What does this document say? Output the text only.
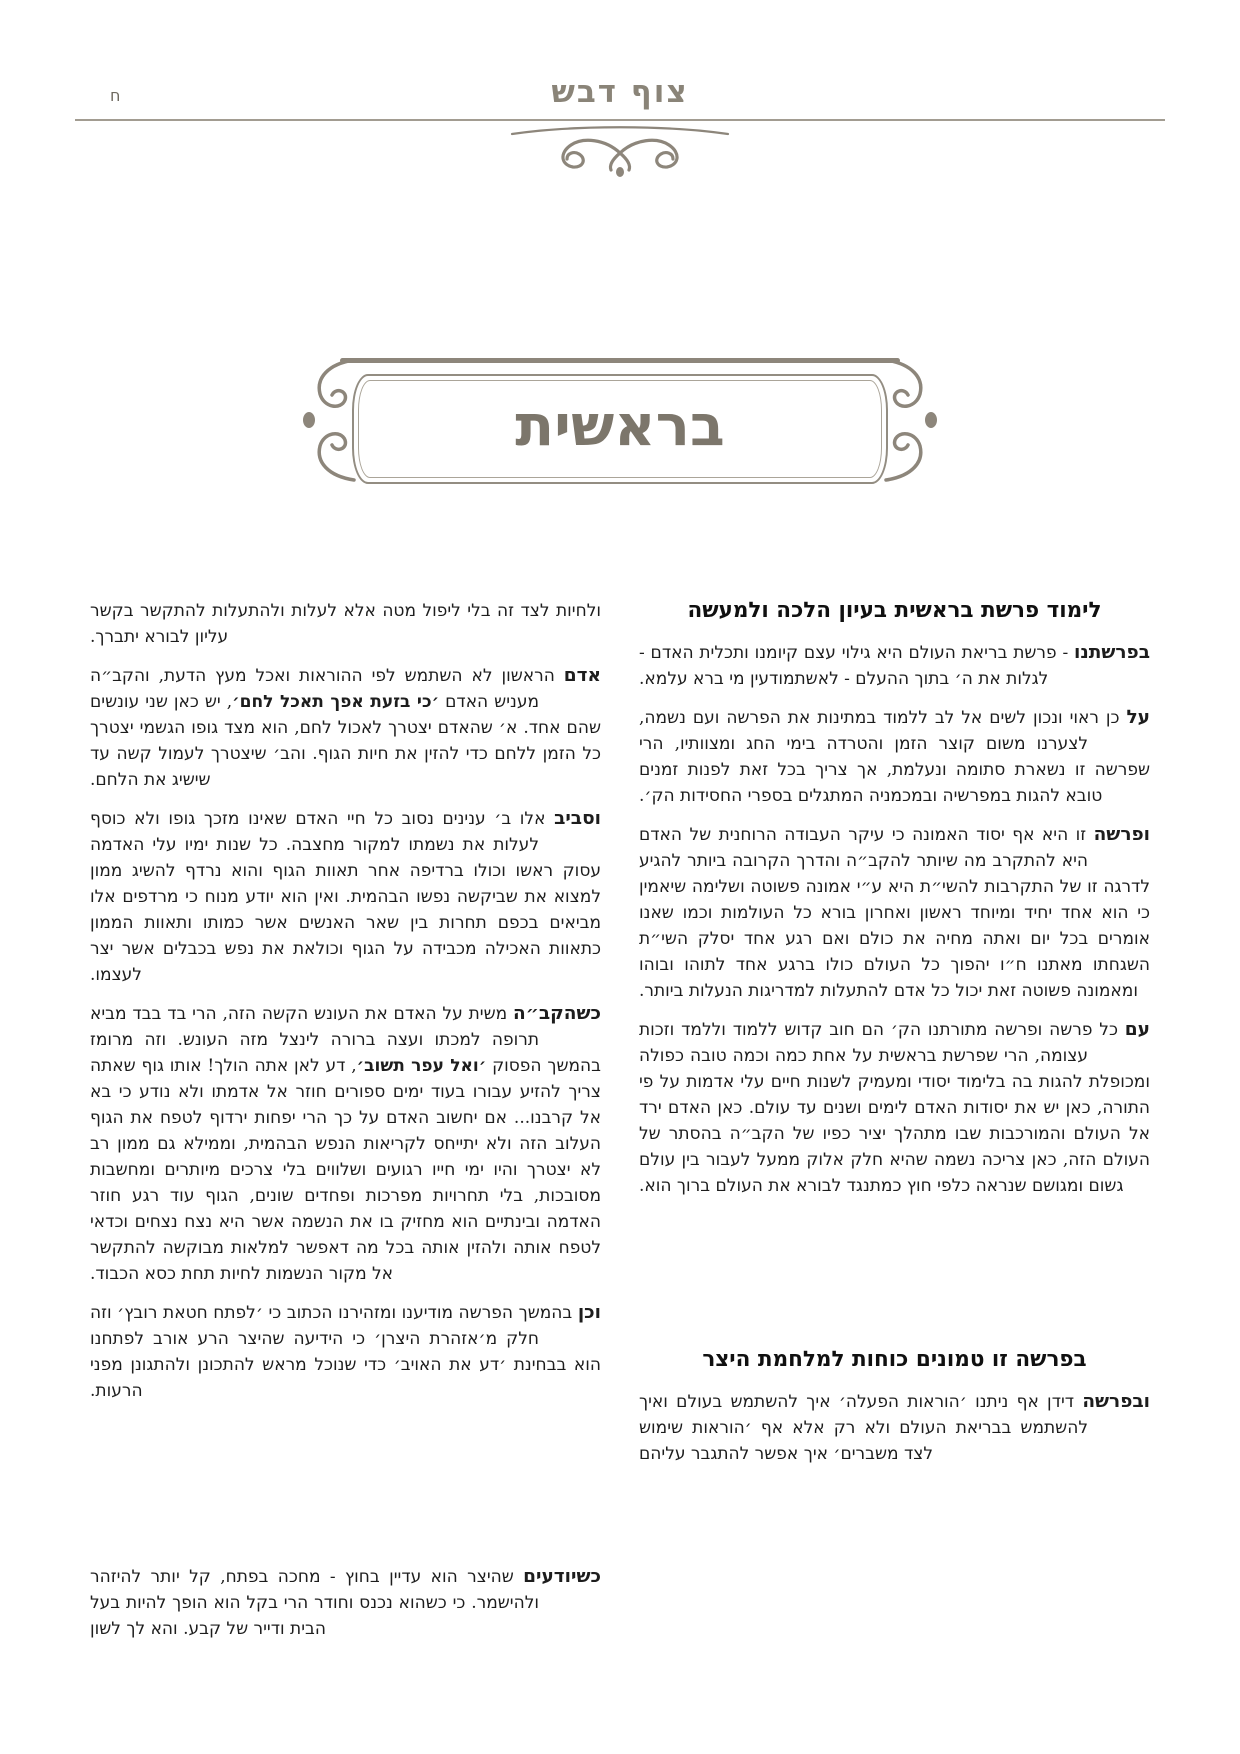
ח	צוף דבש
בראשית
לימוד פרשת בראשית בעיון הלכה ולמעשה

בפרשתנו - פרשת בריאת העולם היא גילוי עצם קיומנו ותכלית האדם - לגלות את ה׳ בתוך ההעלם - לאשתמודעין מי ברא עלמא.

על כן ראוי ונכון לשים אל לב ללמוד במתינות את הפרשה ועם נשמה, לצערנו משום קוצר הזמן והטרדה בימי החג ומצוותיו, הרי שפרשה זו נשארת סתומה ונעלמת, אך צריך בכל זאת לפנות זמנים טובא להגות במפרשיה ובמכמניה המתגלים בספרי החסידות הק׳.

ופרשה זו היא אף יסוד האמונה כי עיקר העבודה הרוחנית של האדם היא להתקרב מה שיותר להקב״ה והדרך הקרובה ביותר להגיע לדרגה זו של התקרבות להשי״ת היא ע״י אמונה פשוטה ושלימה שיאמין כי הוא אחד יחיד ומיוחד ראשון ואחרון בורא כל העולמות וכמו שאנו אומרים בכל יום ואתה מחיה את כולם ואם רגע אחד יסלק השי״ת השגחתו מאתנו ח״ו יהפוך כל העולם כולו ברגע אחד לתוהו ובוהו ומאמונה פשוטה זאת יכול כל אדם להתעלות למדריגות הנעלות ביותר.

עם כל פרשה ופרשה מתורתנו הק׳ הם חוב קדוש ללמוד וללמד וזכות עצומה, הרי שפרשת בראשית על אחת כמה וכמה טובה כפולה ומכופלת להגות בה בלימוד יסודי ומעמיק לשנות חיים עלי אדמות על פי התורה, כאן יש את יסודות האדם לימים ושנים עד עולם. כאן האדם ירד אל העולם והמורכבות שבו מתהלך יציר כפיו של הקב״ה בהסתר של העולם הזה, כאן צריכה נשמה שהיא חלק אלוק ממעל לעבור בין עולם גשום ומגושם שנראה כלפי חוץ כמתנגד לבורא את העולם ברוך הוא.

בפרשה זו טמונים כוחות למלחמת היצר

ובפרשה דידן אף ניתנו ׳הוראות הפעלה׳ איך להשתמש בעולם ואיך להשתמש בבריאת העולם ולא רק אלא אף ׳הוראות שימוש לצד משברים׳ איך אפשר להתגבר עליהם

ולחיות לצד זה בלי ליפול מטה אלא לעלות ולהתעלות להתקשר בקשר עליון לבורא יתברך.

אדם הראשון לא השתמש לפי ההוראות ואכל מעץ הדעת, והקב״ה מעניש האדם ׳כי בזעת אפך תאכל לחם׳, יש כאן שני עונשים שהם אחד. א׳ שהאדם יצטרך לאכול לחם, הוא מצד גופו הגשמי יצטרך כל הזמן ללחם כדי להזין את חיות הגוף. והב׳ שיצטרך לעמול קשה עד שישיג את הלחם.

וסביב אלו ב׳ ענינים נסוב כל חיי האדם שאינו מזכך גופו ולא כוסף לעלות את נשמתו למקור מחצבה. כל שנות ימיו עלי האדמה עסוק ראשו וכולו ברדיפה אחר תאוות הגוף והוא נרדף להשיג ממון למצוא את שביקשה נפשו הבהמית. ואין הוא יודע מנוח כי מרדפים אלו מביאים בכפם תחרות בין שאר האנשים אשר כמותו ותאוות הממון כתאוות האכילה מכבידה על הגוף וכולאת את נפש בכבלים אשר יצר לעצמו.

כשהקב״ה משית על האדם את העונש הקשה הזה, הרי בד בבד מביא תרופה למכתו ועצה ברורה לינצל מזה העונש. וזה מרומז בהמשך הפסוק ׳ואל עפר תשוב׳, דע לאן אתה הולך! אותו גוף שאתה צריך להזיע עבורו בעוד ימים ספורים חוזר אל אדמתו ולא נודע כי בא אל קרבנו... אם יחשוב האדם על כך הרי יפחות ירדוף לטפח את הגוף העלוב הזה ולא יתייחס לקריאות הנפש הבהמית, וממילא גם ממון רב לא יצטרך והיו ימי חייו רגועים ושלווים בלי צרכים מיותרים ומחשבות מסובכות, בלי תחרויות מפרכות ופחדים שונים, הגוף עוד רגע חוזר האדמה ובינתיים הוא מחזיק בו את הנשמה אשר היא נצח נצחים וכדאי לטפח אותה ולהזין אותה בכל מה דאפשר למלאות מבוקשה להתקשר אל מקור הנשמות לחיות תחת כסא הכבוד.

וכן בהמשך הפרשה מודיענו ומזהירנו הכתוב כי ׳לפתח חטאת רובץ׳ וזה חלק מ׳אזהרת היצרן׳ כי הידיעה שהיצר הרע אורב לפתחנו הוא בבחינת ׳דע את האויב׳ כדי שנוכל מראש להתכונן ולהתגונן מפני הרעות.

כשיודעים שהיצר הוא עדיין בחוץ - מחכה בפתח, קל יותר להיזהר ולהישמר. כי כשהוא נכנס וחודר הרי בקל הוא הופך להיות בעל הבית ודייר של קבע. והא לך לשון
